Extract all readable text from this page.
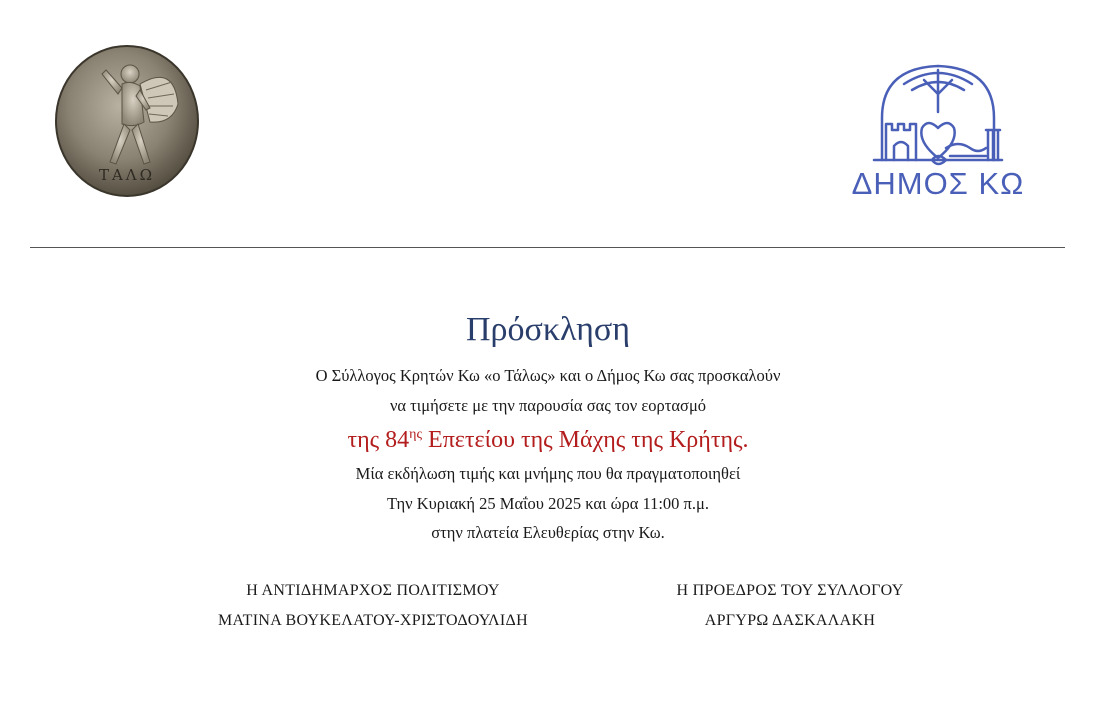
ΤΑΛΩ	ΔΗΜΟΣ ΚΩ
Πρόσκληση
Ο Σύλλογος Κρητών Κω «ο Τάλως» και ο Δήμος Κω σας προσκαλούν
να τιμήσετε με την παρουσία σας τον εορτασμό
της $84^{\eta\varsigma}$ Επετείου της Μάχης της Κρήτης.
Μία εκδήλωση τιμής και μνήμης που θα πραγματοποιηθεί
Την Κυριακή 25 Μαΐου 2025 και ώρα 11:00 π.μ.
στην πλατεία Ελευθερίας στην Κω.
Η ΑΝΤΙΔΗΜΑΡΧΟΣ ΠΟΛΙΤΙΣΜΟΥ
ΜΑΤΙΝΑ ΒΟΥΚΕΛΑΤΟΥ-ΧΡΙΣΤΟΔΟΥΛΙΔΗ
Η ΠΡΟΕΔΡΟΣ ΤΟΥ ΣΥΛΛΟΓΟΥ
ΑΡΓΥΡΩ ΔΑΣΚΑΛΑΚΗ
